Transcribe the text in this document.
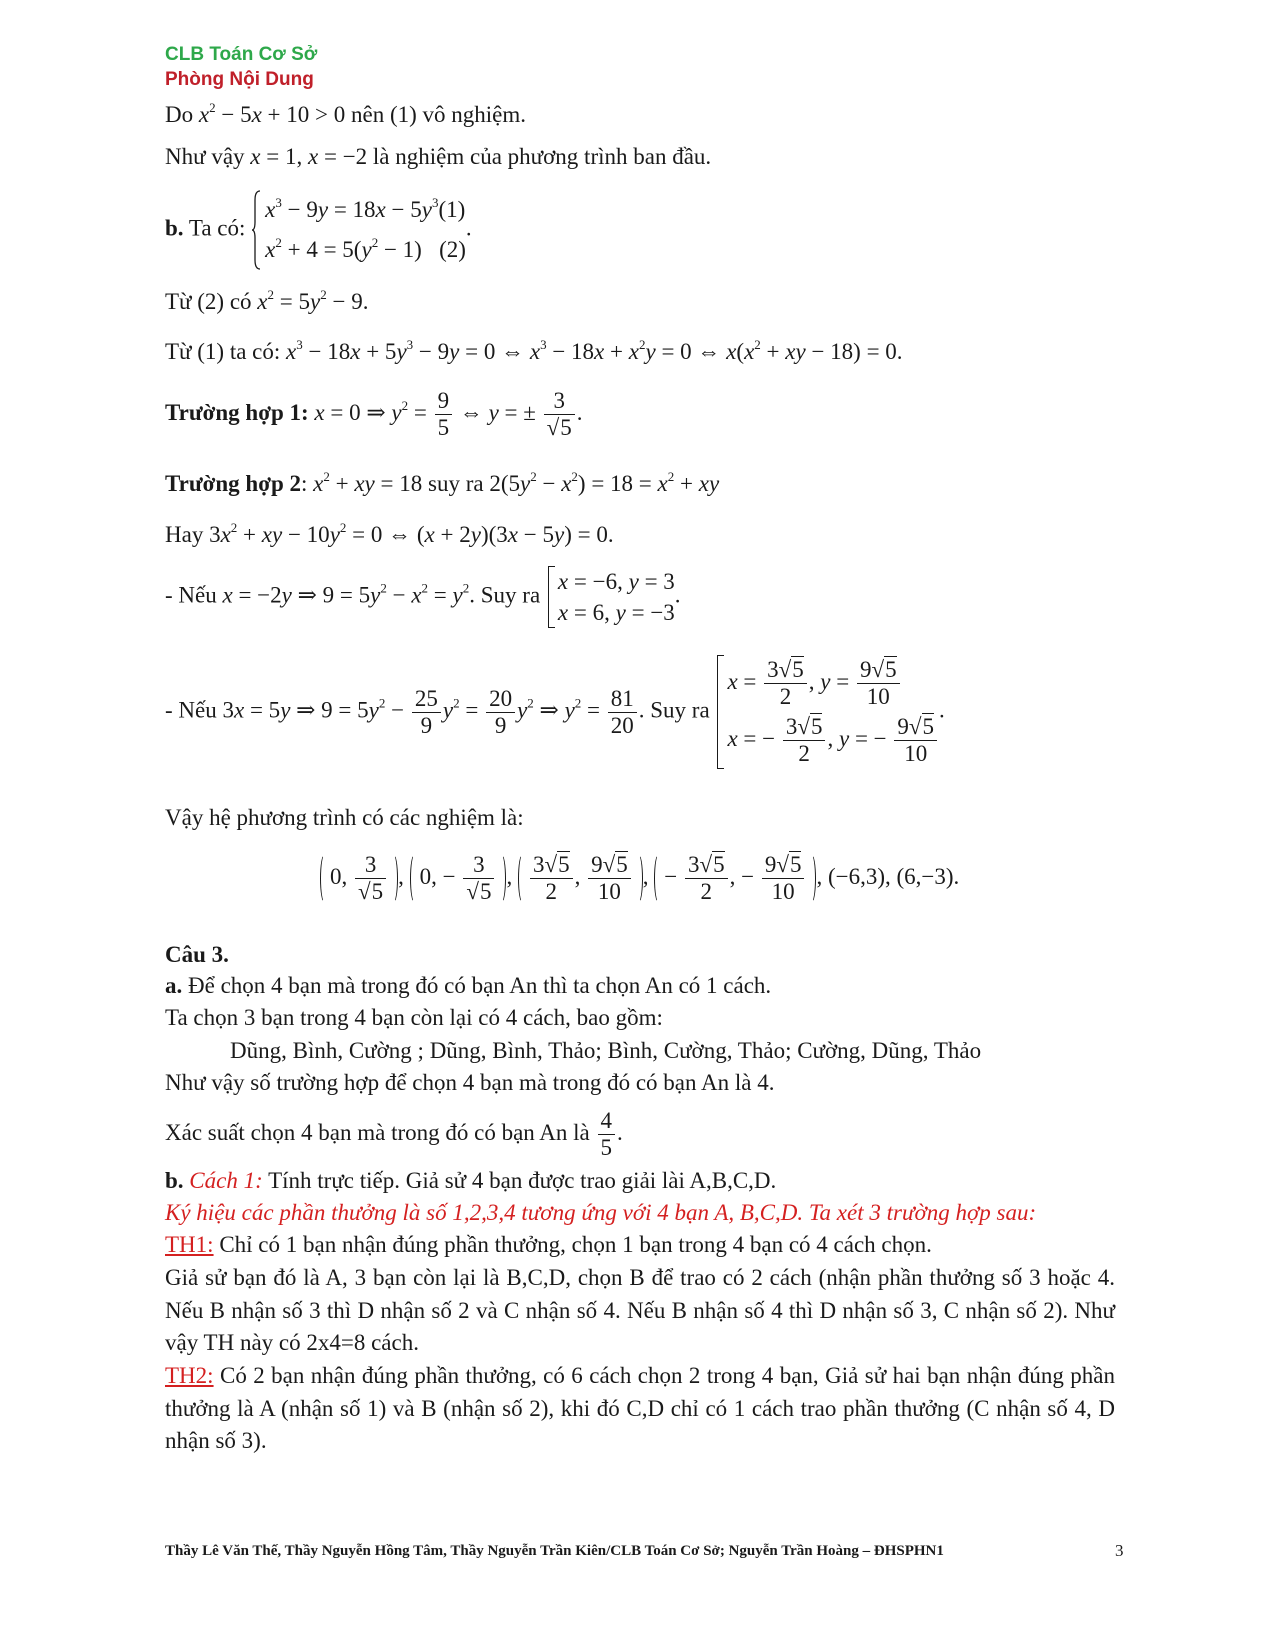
CLB Toán Cơ Sở
Phòng Nội Dung
Do $x^2 - 5x + 10 > 0$ nên (1) vô nghiệm.
Như vậy x = 1, x = −2 là nghiệm của phương trình ban đầu.
b. Ta có:
$x^3 - 9y = 18x - 5y^3(1)$
$x^2 + 4 = 5(y^2 - 1)$   (2)
.
Từ (2) có $x^2 = 5y^2 - 9$.
Từ (1) ta có: $x^3 - 18x + 5y^3 - 9y = 0$ ⇔ $x^3 - 18x + x^2y = 0$ ⇔ $x(x^2$ + xy − 18) = 0.
Trường hợp 1: x = 0 ⇒ $y^2 = \frac{9}{5}$ ⇔ y = ± $\frac{3}{√5}$ .
Trường hợp 2: $x^2$ + xy = 18 suy ra $2(5y^2 - x^2) = 18 = x^2$ + xy
Hay $3x^2$ + xy − $10y^2 = 0$ ⇔ (x + 2y)(3x − 5y) = 0.
- Nếu x = −2y ⇒ $9 = 5y^2 - x^2 = y^2$. Suy ra
x = −6, y = 3
x = 6, y = −3
.
- Nếu 3x = 5y ⇒ $9 = 5y^2 - \frac{25}{9} y^2 = \frac{20}{9} y^2$ ⇒ $y^2 = \frac{81}{20}$ . Suy ra
$x = \frac{3√5}{2}$ , $y = \frac{9√5}{10}$
x = − $\frac{3√5}{2}$ , y = − $\frac{9√5}{10}$
.
Vậy hệ phương trình có các nghiệm là:
0, $\frac{3}{√5}$ , 0, − $\frac{3}{√5}$ , $\frac{3√5}{2}$ , $\frac{9√5}{10}$ , − $\frac{3√5}{2}$ , − $\frac{9√5}{10}$ , (−6,3), (6,−3).
Câu 3.
a. Để chọn 4 bạn mà trong đó có bạn An thì ta chọn An có 1 cách.
Ta chọn 3 bạn trong 4 bạn còn lại có 4 cách, bao gồm:
Dũng, Bình, Cường ; Dũng, Bình, Thảo; Bình, Cường, Thảo; Cường, Dũng, Thảo
Như vậy số trường hợp để chọn 4 bạn mà trong đó có bạn An là 4.
Xác suất chọn 4 bạn mà trong đó có bạn An là $\frac{4}{5}$ .
b. Cách 1: Tính trực tiếp. Giả sử 4 bạn được trao giải lài A,B,C,D.
Ký hiệu các phần thưởng là số 1,2,3,4 tương ứng với 4 bạn A, B,C,D. Ta xét 3 trường hợp sau:
TH1: Chỉ có 1 bạn nhận đúng phần thưởng, chọn 1 bạn trong 4 bạn có 4 cách chọn.
Giả sử bạn đó là A, 3 bạn còn lại là B,C,D, chọn B để trao có 2 cách (nhận phần thưởng số 3 hoặc 4. Nếu B nhận số 3 thì D nhận số 2 và C nhận số 4. Nếu B nhận số 4 thì D nhận số 3, C nhận số 2). Như vậy TH này có 2x4=8 cách.
TH2: Có 2 bạn nhận đúng phần thưởng, có 6 cách chọn 2 trong 4 bạn, Giả sử hai bạn nhận đúng phần thưởng là A (nhận số 1) và B (nhận số 2), khi đó C,D chỉ có 1 cách trao phần thưởng (C nhận số 4, D nhận số 3).
Thầy Lê Văn Thế, Thầy Nguyễn Hồng Tâm, Thầy Nguyễn Trần Kiên/CLB Toán Cơ Sở; Nguyễn Trần Hoàng – ĐHSPHN1	3
